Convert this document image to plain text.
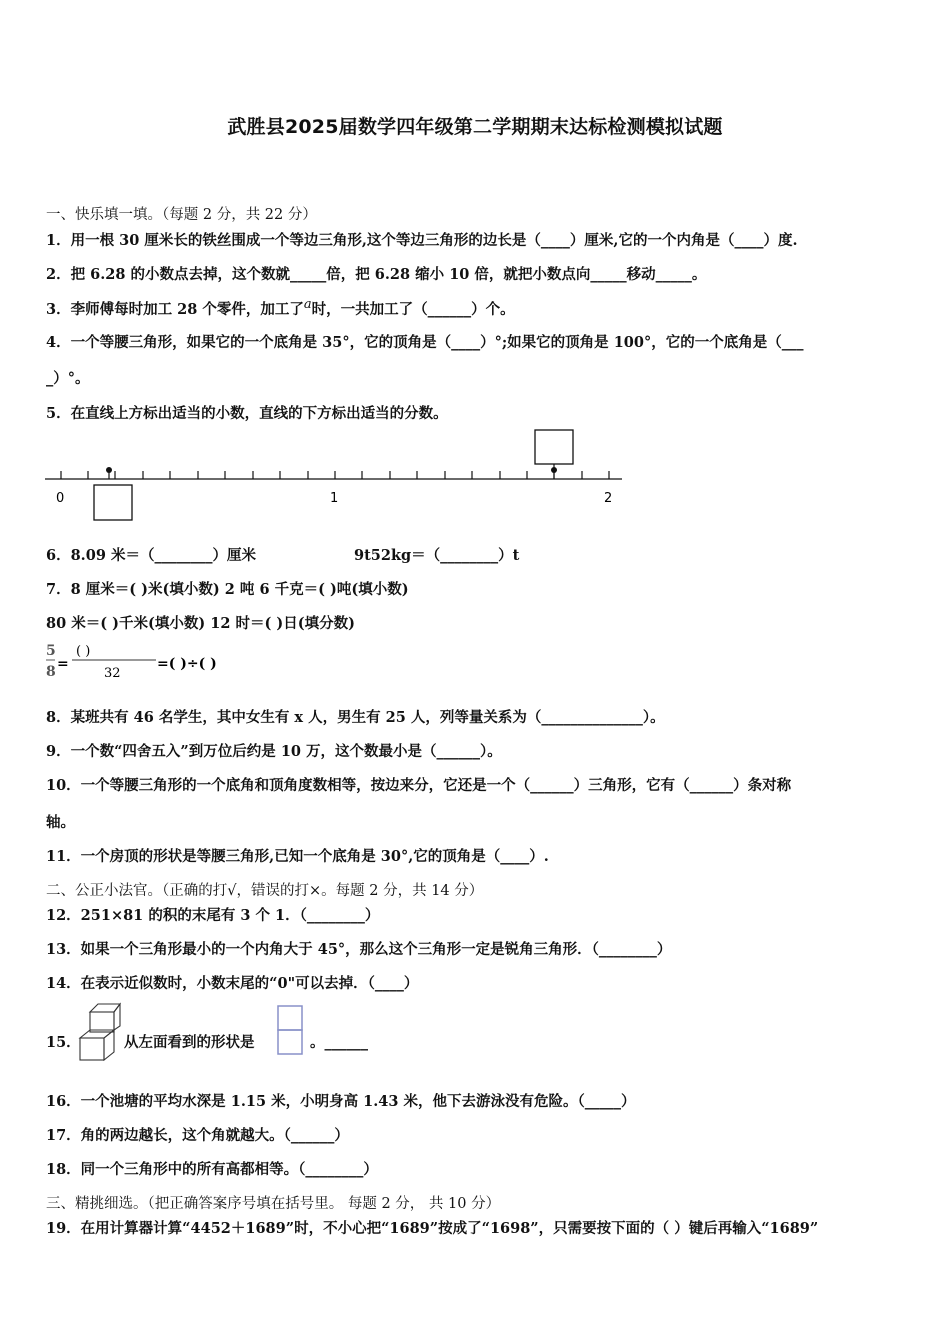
武胜县2025届数学四年级第二学期期末达标检测模拟试题
一、快乐填一填。（每题 2 分，共 22 分）
1．用一根 30 厘米长的铁丝围成一个等边三角形,这个等边三角形的边长是（____）厘米,它的一个内角是（____）度.
2．把 6.28 的小数点去掉，这个数就_____倍，把 6.28 缩小 10 倍，就把小数点向_____移动_____。
3．李师傅每时加工 28 个零件，加工了a时，一共加工了（______）个。
4．一个等腰三角形，如果它的一个底角是 35°，它的顶角是（____）°;如果它的顶角是 100°，它的一个底角是（___
_）°。
5．在直线上方标出适当的小数，直线的下方标出适当的分数。
0	1	2
6．8.09 米＝（________）厘米	9t52kg＝（________）t
7．8 厘米＝( )米(填小数) 2 吨 6 千克＝( )吨(填小数)
80 米＝( )千米(填小数) 12 时＝( )日(填分数)
5
8 =
( )
32
=( )÷( )
8．某班共有 46 名学生，其中女生有 x 人，男生有 25 人，列等量关系为（______________）。
9．一个数“四舍五入”到万位后约是 10 万，这个数最小是（______）。
10．一个等腰三角形的一个底角和顶角度数相等，按边来分，它还是一个（______）三角形，它有（______）条对称
轴。
11．一个房顶的形状是等腰三角形,已知一个底角是 30°,它的顶角是（____）.
二、公正小法官。（正确的打√，错误的打×。每题 2 分，共 14 分）
12．251×81 的积的末尾有 3 个 1．（________）
13．如果一个三角形最小的一个内角大于 45°，那么这个三角形一定是锐角三角形．（________）
14．在表示近似数时，小数末尾的“0"可以去掉．（____）
15．	从左面看到的形状是	。______
16．一个池塘的平均水深是 1.15 米，小明身高 1.43 米，他下去游泳没有危险。（_____）
17．角的两边越长，这个角就越大。（______）
18．同一个三角形中的所有高都相等。（________）
三、精挑细选。（把正确答案序号填在括号里。 每题 2 分， 共 10 分）
19．在用计算器计算“4452＋1689”时，不小心把“1689”按成了“1698”，只需要按下面的（ ）键后再输入“1689”
